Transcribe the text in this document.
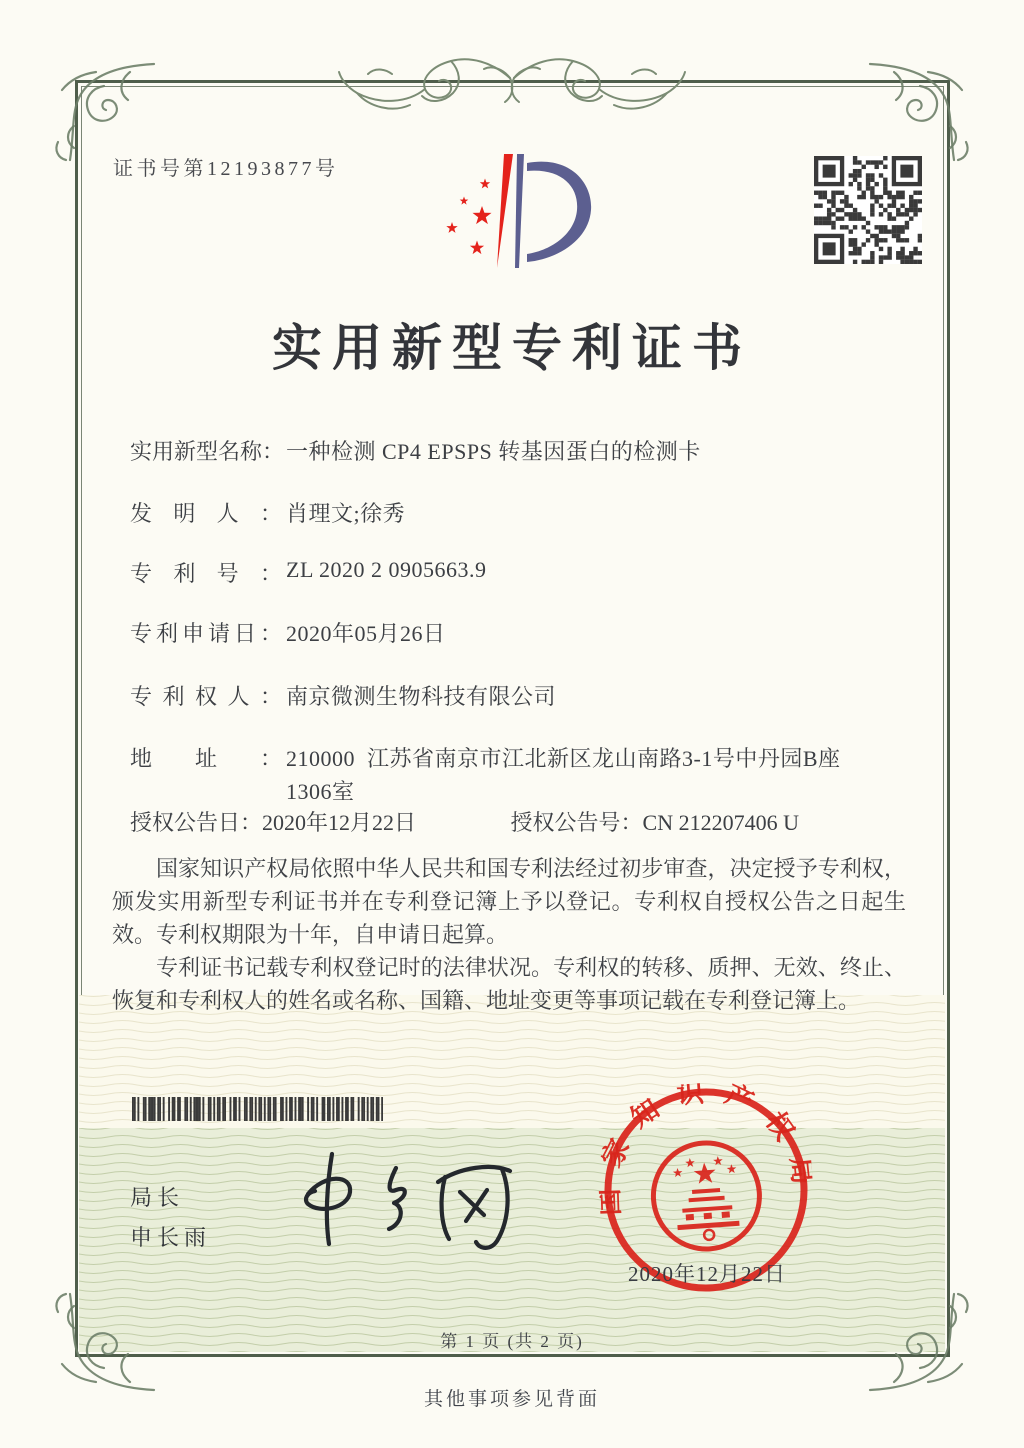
证书号第12193877号
实用新型专利证书
实用新型名称：一种检测 CP4 EPSPS 转基因蛋白的检测卡
发明人： 肖理文;徐秀
专利号： ZL 2020 2 0905663.9
专利申请日： 2020年05月26日
专利权人： 南京微测生物科技有限公司
地址： 210000  江苏省南京市江北新区龙山南路3-1号中丹园B座1306室
授权公告日：2020年12月22日	授权公告号：CN 212207406 U

国家知识产权局依照中华人民共和国专利法经过初步审查，决定授予专利权，颁发实用新型专利证书并在专利登记簿上予以登记。专利权自授权公告之日起生效。专利权期限为十年，自申请日起算。

专利证书记载专利权登记时的法律状况。专利权的转移、质押、无效、终止、恢复和专利权人的姓名或名称、国籍、地址变更等事项记载在专利登记簿上。

局长
申长雨
国家知识产权局
2020年12月22日
第 1 页 (共 2 页)
其他事项参见背面
